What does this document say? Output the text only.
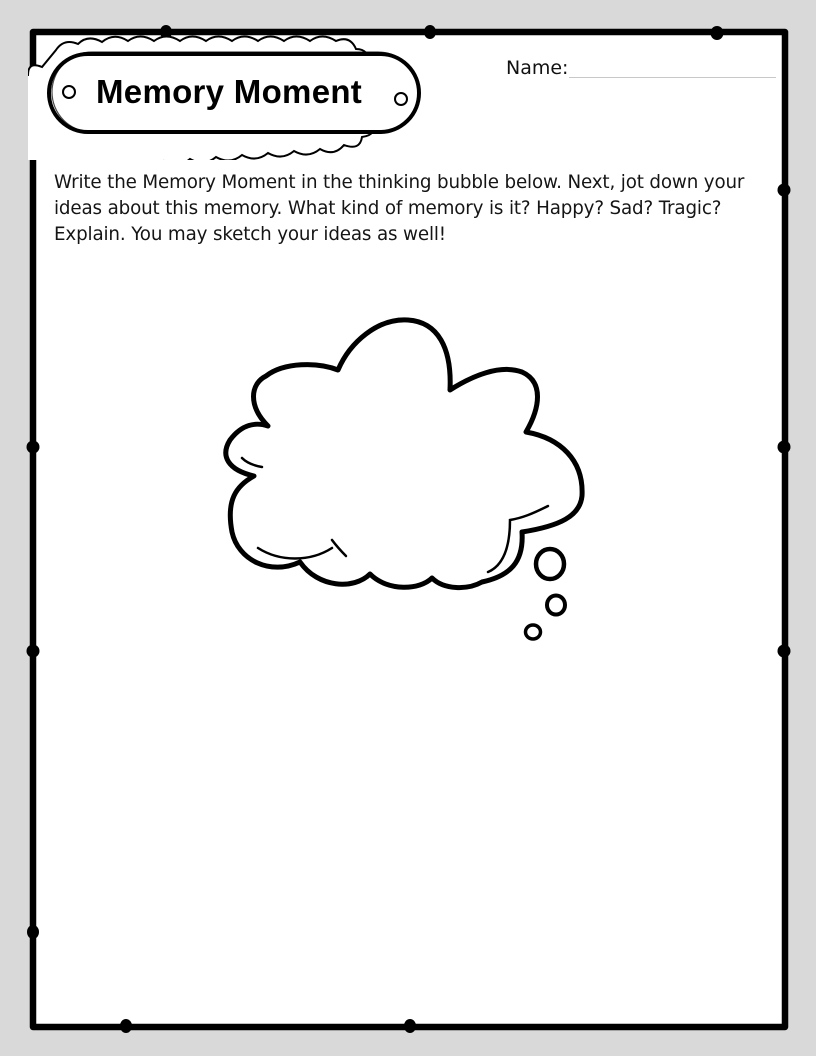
Memory Moment
Name:
Write the Memory Moment in the thinking bubble below. Next, jot down your ideas about this memory. What kind of memory is it? Happy? Sad? Tragic? Explain. You may sketch your ideas as well!
